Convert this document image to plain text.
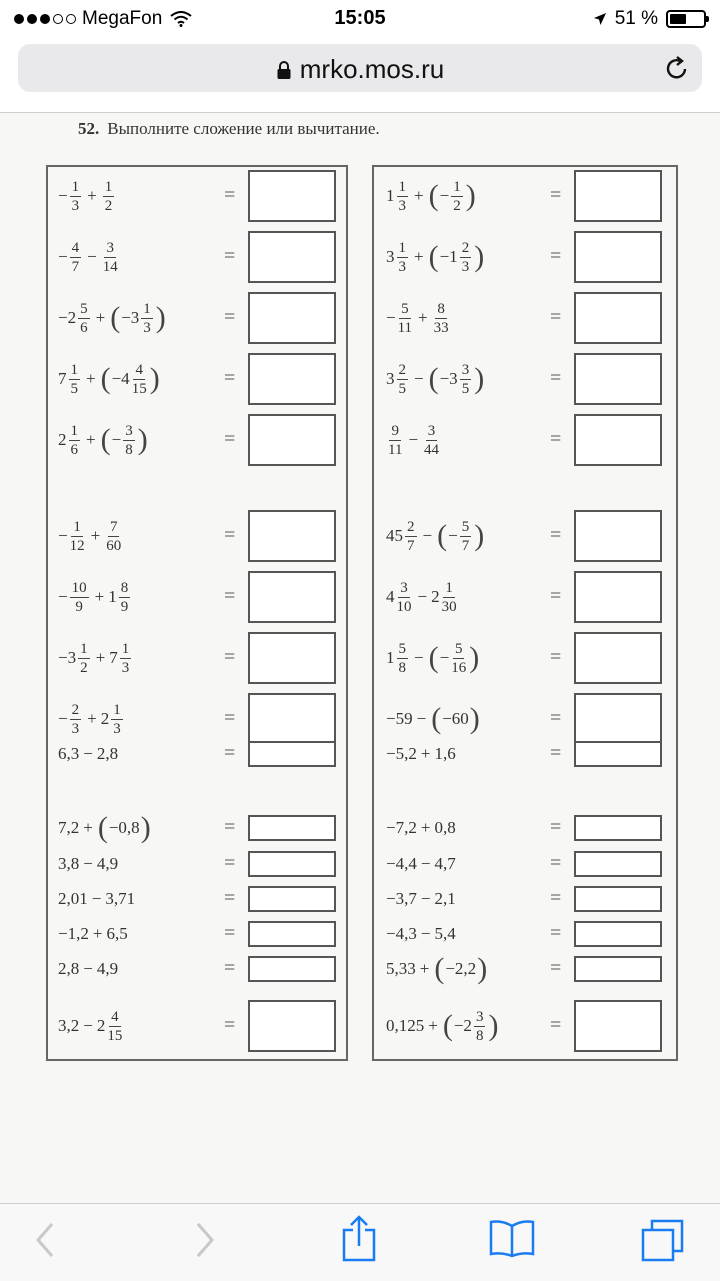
MegaFon	15:05	51 %
mrko.mos.ru
52. Выполните сложение или вычитание.
− $\frac{1}{3} + \frac{1}{2}$	=
− $\frac{4}{7} - \frac{3}{14}$	=
$-2 \frac{5}{6}$ + ( $-3 \frac{1}{3}$ )	=
$7 \frac{1}{5}$ + ( $-4 \frac{4}{15}$ )	=
$2 \frac{1}{6}$ + ( − $\frac{3}{8}$ )	=
− $\frac{1}{12} + \frac{7}{60}$	=
− $\frac{10}{9} + 1 \frac{8}{9}$	=
$-3 \frac{1}{2} + 7 \frac{1}{3}$	=
− $\frac{2}{3} + 2 \frac{1}{3}$	=
6,3 − 2,8	=
7,2 + ( −0,8 )	=
3,8 − 4,9	=
2,01 − 3,71	=
−1,2 + 6,5	=
2,8 − 4,9	=
$3,2 - 2 \frac{4}{15}$	=
$1 \frac{1}{3}$ + ( − $\frac{1}{2}$ )	=
$3 \frac{1}{3}$ + ( $-1 \frac{2}{3}$ )	=
− $\frac{5}{11} + \frac{8}{33}$	=
$3 \frac{2}{5}$ − ( $-3 \frac{3}{5}$ )	=
$\frac{9}{11} - \frac{3}{44}$	=
$45 \frac{2}{7}$ − ( − $\frac{5}{7}$ )	=
$4 \frac{3}{10} - 2 \frac{1}{30}$	=
$1 \frac{5}{8}$ − ( − $\frac{5}{16}$ )	=
−59 − ( −60 )	=
−5,2 + 1,6	=
−7,2 + 0,8	=
−4,4 − 4,7	=
−3,7 − 2,1	=
−4,3 − 5,4	=
5,33 + ( −2,2 )	=
0,125 + ( $-2 \frac{3}{8}$ )	=
